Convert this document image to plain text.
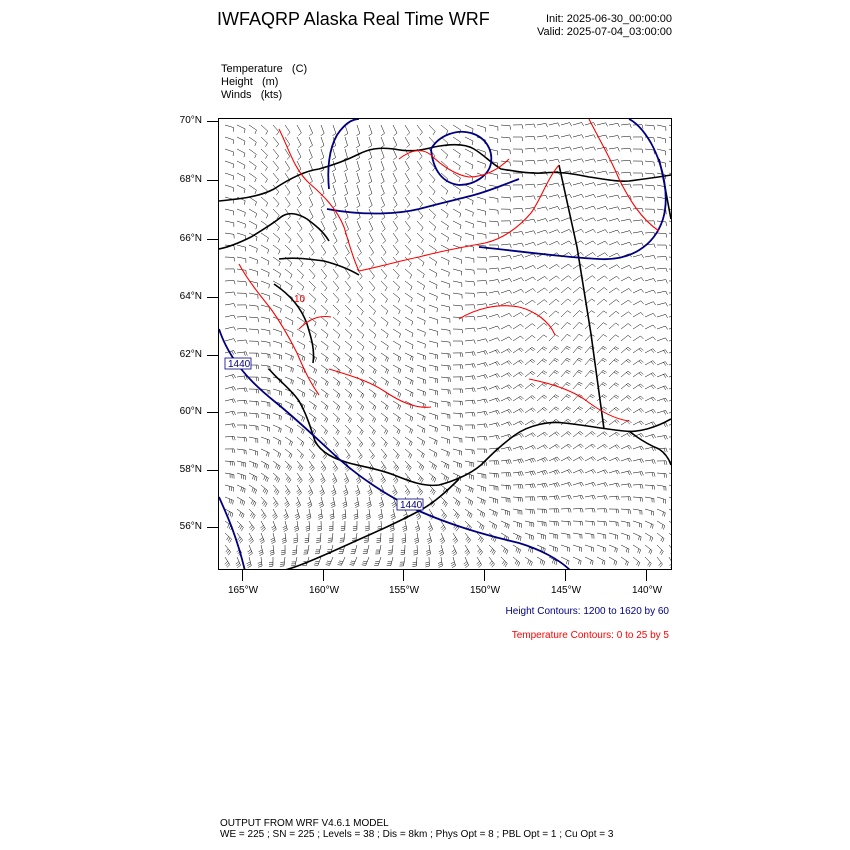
IWFAQRP Alaska Real Time WRF	Init: 2025-06-30_00:00:00
Valid: 2025-07-04_03:00:00
Temperature   (C)
Height   (m)
Winds   (kts)
70°N
68°N
66°N
64°N
62°N
60°N
58°N
56°N
165°W	160°W	155°W	150°W	145°W	140°W
1440
1440
10
Height Contours: 1200 to 1620 by 60
Temperature Contours: 0 to 25 by 5
OUTPUT FROM WRF V4.6.1 MODEL
WE = 225 ; SN = 225 ; Levels = 38 ; Dis = 8km ; Phys Opt = 8 ; PBL Opt = 1 ; Cu Opt = 3
